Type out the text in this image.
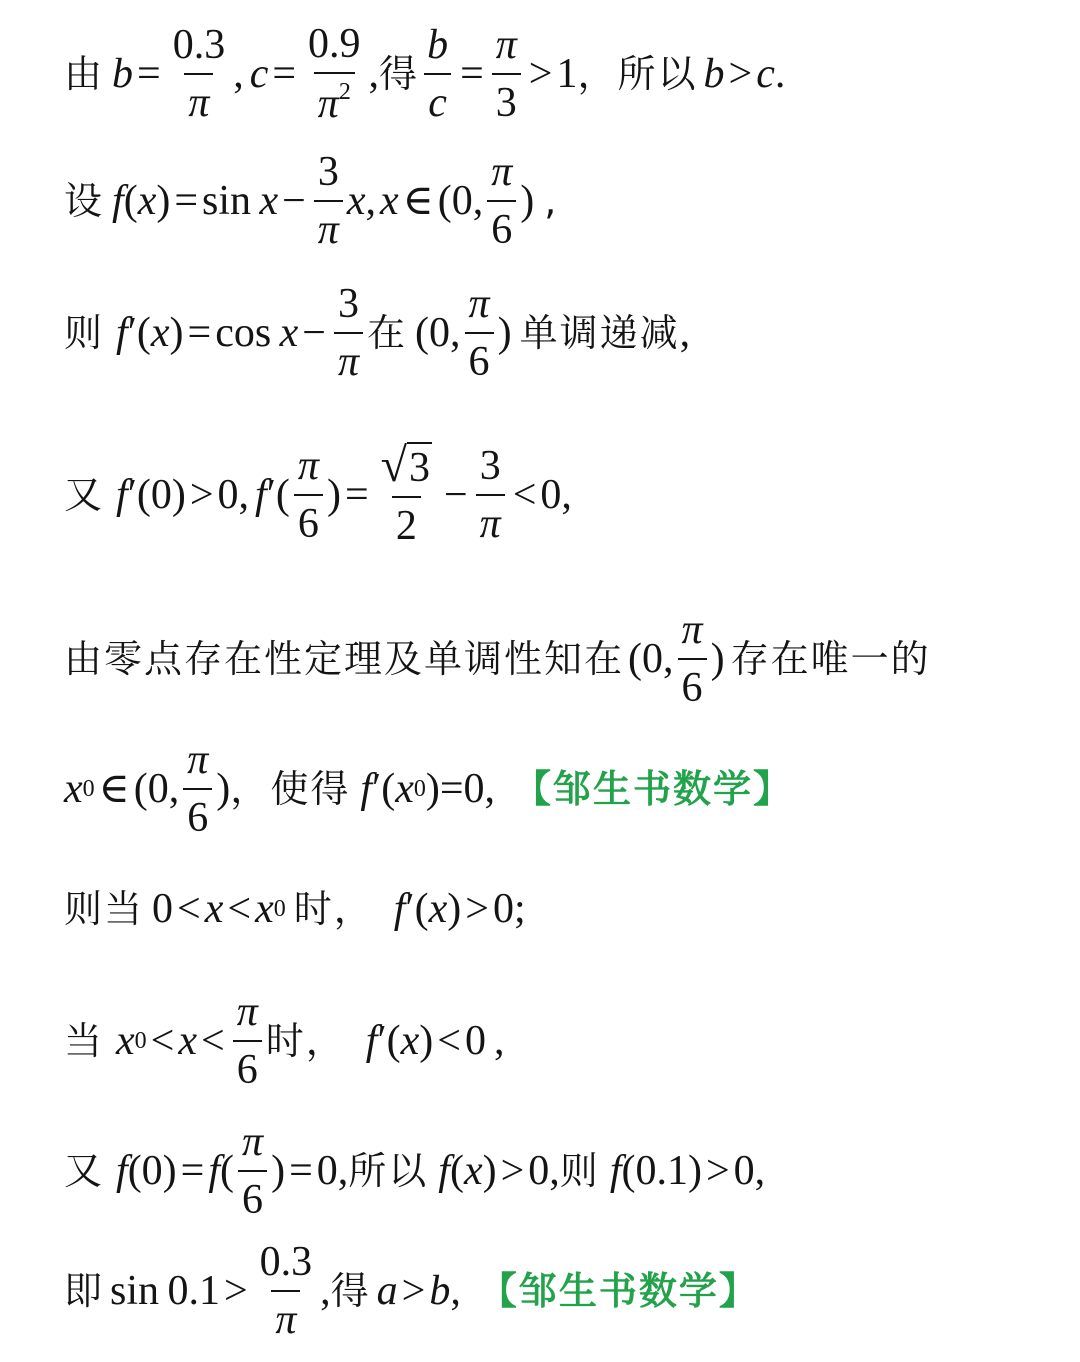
由 $b = \frac{0.3}{\pi}$ , $c = \frac{0.9}{\pi^2}$ , 得 $\frac{b}{c} = \frac{\pi}{3} > 1$ ， 所以 b > c .
设 f ( x ) = $\sin x - \frac{3}{\pi}$ x , x ∈ (0, $\frac{\pi}{6}$ ) ,
则 f ′ ( x ) = $\cos x - \frac{3}{\pi}$ 在 (0, $\frac{\pi}{6}$ ) 单调递减 ,
又 f ′ (0) > 0, f ′ ( $\frac{\pi}{6}$ ) = $\frac{√ 3}{2} - \frac{3}{\pi} < 0$,
由零点存在性定理及单调性知在 (0, $\frac{\pi}{6}$ ) 存在唯一的
x 0 ∈ (0, $\frac{\pi}{6}$ ) ， 使得 f ′ ( x 0 )=0, 【邹生书数学】
则 当 0 < x < x 0 时 ， f ′ ( x ) > 0;
当 x $0 < x < \frac{\pi}{6}$ 时 ， f ′ ( x ) < 0 ,
又 f (0) = f ( $\frac{\pi}{6}$ ) = 0, 所以 f ( x ) > 0, 则 f (0.1) > 0,
即 $\sin 0.1 > \frac{0.3}{\pi}$ , 得 a > b , 【邹生书数学】
